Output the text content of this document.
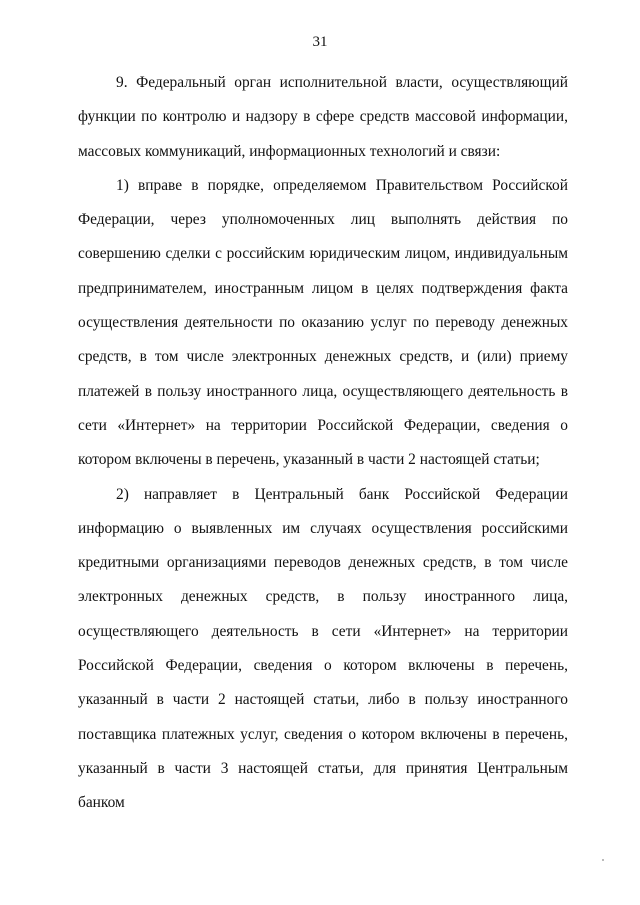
31

9. Федеральный орган исполнительной власти, осуществляющий функции по контролю и надзору в сфере средств массовой информации, массовых коммуникаций, информационных технологий и связи:

1) вправе в порядке, определяемом Правительством Российской Федерации, через уполномоченных лиц выполнять действия по совершению сделки с российским юридическим лицом, индивидуальным предпринимателем, иностранным лицом в целях подтверждения факта осуществления деятельности по оказанию услуг по переводу денежных средств, в том числе электронных денежных средств, и (или) приему платежей в пользу иностранного лица, осуществляющего деятельность в сети «Интернет» на территории Российской Федерации, сведения о котором включены в перечень, указанный в части 2 настоящей статьи;

2) направляет в Центральный банк Российской Федерации информацию о выявленных им случаях осуществления российскими кредитными организациями переводов денежных средств, в том числе электронных денежных средств, в пользу иностранного лица, осуществляющего деятельность в сети «Интернет» на территории Российской Федерации, сведения о котором включены в перечень, указанный в части 2 настоящей статьи, либо в пользу иностранного поставщика платежных услуг, сведения о котором включены в перечень, указанный в части 3 настоящей статьи, для принятия Центральным банком
